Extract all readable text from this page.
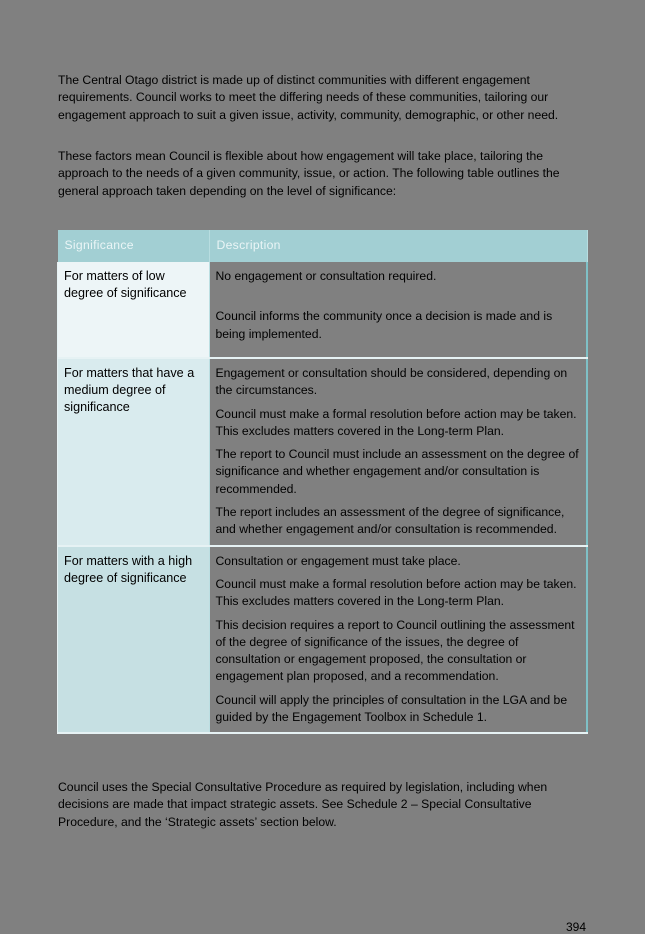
The Central Otago district is made up of distinct communities with different engagement requirements. Council works to meet the differing needs of these communities, tailoring our engagement approach to suit a given issue, activity, community, demographic, or other need.

These factors mean Council is flexible about how engagement will take place, tailoring the approach to the needs of a given community, issue, or action. The following table outlines the general approach taken depending on the level of significance:

Significance	Description
For matters of low degree of significance	No engagement or consultation required.

Council informs the community once a decision is made and is being implemented.

For matters that have a medium degree of significance	Engagement or consultation should be considered, depending on the circumstances.

Council must make a formal resolution before action may be taken. This excludes matters covered in the Long-term Plan.

The report to Council must include an assessment on the degree of significance and whether engagement and/or consultation is recommended.

The report includes an assessment of the degree of significance, and whether engagement and/or consultation is recommended.

For matters with a high degree of significance	Consultation or engagement must take place.

Council must make a formal resolution before action may be taken. This excludes matters covered in the Long-term Plan.

This decision requires a report to Council outlining the assessment of the degree of significance of the issues, the degree of consultation or engagement proposed, the consultation or engagement plan proposed, and a recommendation.

Council will apply the principles of consultation in the LGA and be guided by the Engagement Toolbox in Schedule 1.

Council uses the Special Consultative Procedure as required by legislation, including when decisions are made that impact strategic assets. See Schedule 2 – Special Consultative Procedure, and the ‘Strategic assets’ section below.

394
